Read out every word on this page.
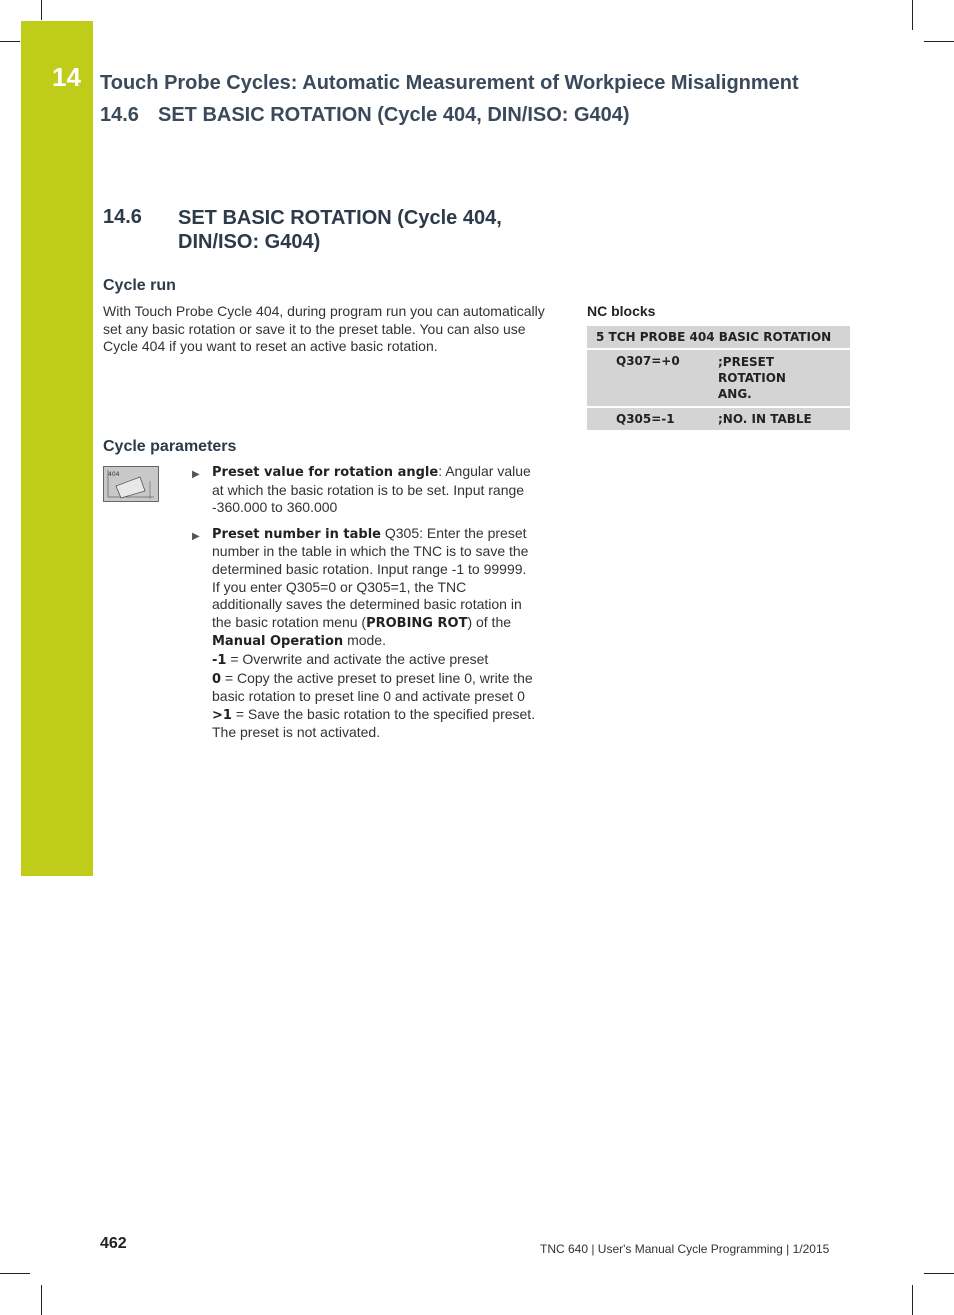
14 Touch Probe Cycles: Automatic Measurement of Workpiece Misalignment
14.6 SET BASIC ROTATION (Cycle 404, DIN/ISO: G404)
14.6 SET BASIC ROTATION (Cycle 404, DIN/ISO: G404)
Cycle run
With Touch Probe Cycle 404, during program run you can automatically set any basic rotation or save it to the preset table. You can also use Cycle 404 if you want to reset an active basic rotation.
NC blocks
5 TCH PROBE 404 BASIC ROTATION	

Q307=+0	;PRESET ROTATION ANG.

Q305=-1	;NO. IN TABLE
Cycle parameters
404	▶ Preset value for rotation angle: Angular value at which the basic rotation is to be set. Input range -360.000 to 360.000
▶ Preset number in table Q305: Enter the preset number in the table in which the TNC is to save the determined basic rotation. Input range -1 to 99999. If you enter Q305=0 or Q305=1, the TNC additionally saves the determined basic rotation in the basic rotation menu (PROBING ROT) of the Manual Operation mode.
-1 = Overwrite and activate the active preset
0 = Copy the active preset to preset line 0, write the basic rotation to preset line 0 and activate preset 0
>1 = Save the basic rotation to the specified preset. The preset is not activated.
462	TNC 640 | User's Manual Cycle Programming | 1/2015
